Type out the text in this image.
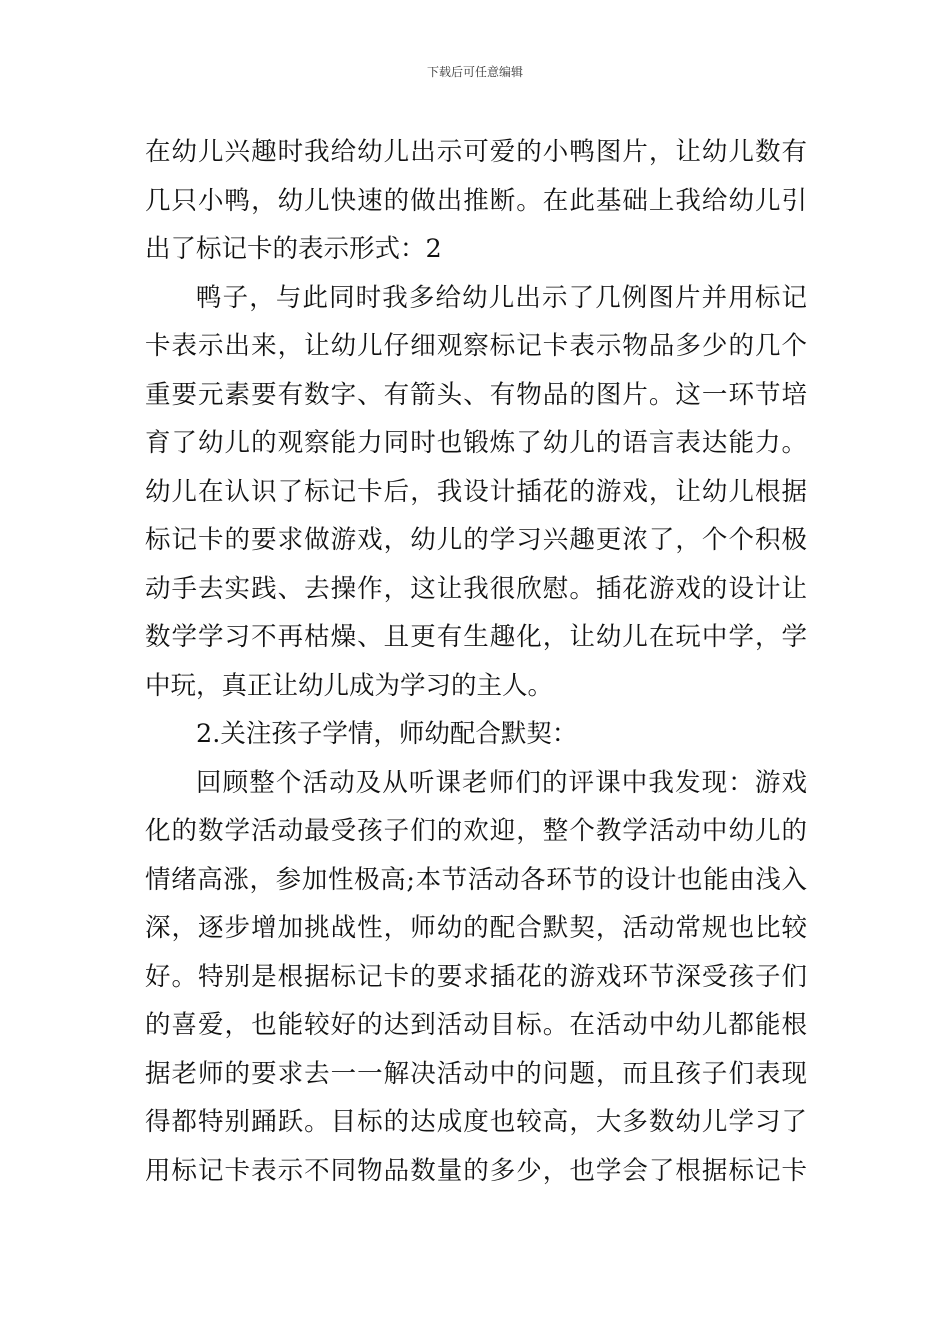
下载后可任意编辑
在幼儿兴趣时我给幼儿出示可爱的小鸭图片，让幼儿数有
几只小鸭，幼儿快速的做出推断。在此基础上我给幼儿引
出了标记卡的表示形式：2
鸭子，与此同时我多给幼儿出示了几例图片并用标记
卡表示出来，让幼儿仔细观察标记卡表示物品多少的几个
重要元素要有数字、有箭头、有物品的图片。这一环节培
育了幼儿的观察能力同时也锻炼了幼儿的语言表达能力。
幼儿在认识了标记卡后，我设计插花的游戏，让幼儿根据
标记卡的要求做游戏，幼儿的学习兴趣更浓了，个个积极
动手去实践、去操作，这让我很欣慰。插花游戏的设计让
数学学习不再枯燥、且更有生趣化，让幼儿在玩中学，学
中玩，真正让幼儿成为学习的主人。
2.关注孩子学情，师幼配合默契：
回顾整个活动及从听课老师们的评课中我发现：游戏
化的数学活动最受孩子们的欢迎，整个教学活动中幼儿的
情绪高涨，参加性极高;本节活动各环节的设计也能由浅入
深，逐步增加挑战性，师幼的配合默契，活动常规也比较
好。特别是根据标记卡的要求插花的游戏环节深受孩子们
的喜爱，也能较好的达到活动目标。在活动中幼儿都能根
据老师的要求去一一解决活动中的问题，而且孩子们表现
得都特别踊跃。目标的达成度也较高，大多数幼儿学习了
用标记卡表示不同物品数量的多少，也学会了根据标记卡
